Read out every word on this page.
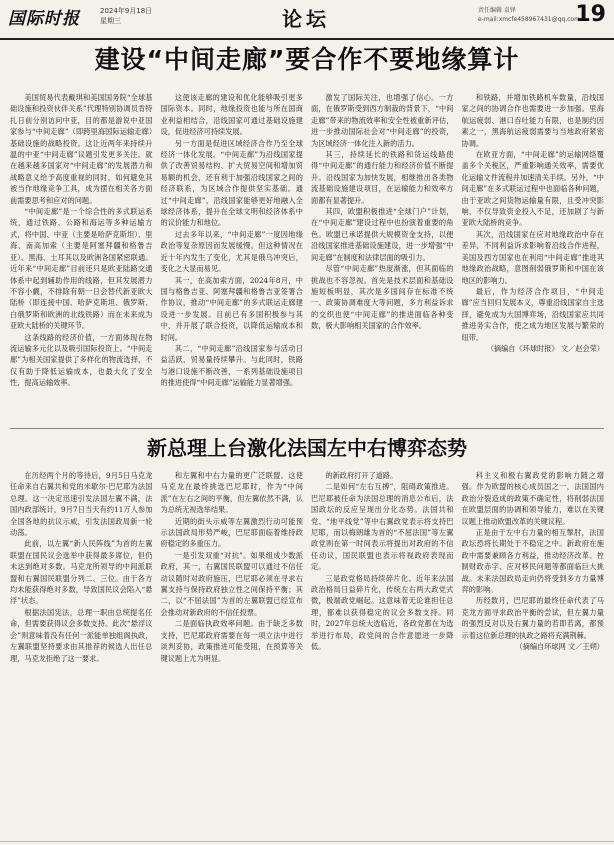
国际时报	2024年9月18日
星期三	论坛	责任编辑 袁铎
e-mail:xmcfe458967431@qq.com
19
建设“中间走廊”要合作不要地缘算计

美国贸易代表戴琪和美国国务院“全球基础设施和投资伙伴关系”代理特别协调员肯特扎日前分别访问中亚，目的都是游说中亚国家参与“中间走廊”（即跨里海国际运输走廊）基础设施的战略投资。这让近两年来持续升温的中亚“中间走廊”议题引发更多关注。就在越来越多国家对“中间走廊”的发展潜力和战略意义给予高度重视的同时，如何避免其被当作地缘竞争工具，成为摆在相关各方面前需要思考和应对的问题。

“中间走廊”是一个综合性的多式联运系统，通过铁路、公路和海运等多种运输方式，将中国、中亚（主要是哈萨克斯坦）、里海、南高加索（主要是阿塞拜疆和格鲁吉亚）、黑海、土耳其以及欧洲各国紧密联通。近年来“中间走廊”目前还只是欧亚陆路交通体系中起到辅助作用的线路，但其发展潜力不容小觑，不排除有朝一日会替代新亚欧大陆桥（即连接中国、哈萨克斯坦、俄罗斯、白俄罗斯和欧洲的北线铁路）而在未来成为亚欧大陆桥的关键环节。

这条线路的经济价值，一方面体现在物流运输多元化以及吸引国际投资上。“中间走廊”为相关国家提供了多样化的物流选择，不仅有助于降低运输成本，也最大化了安全性，提高运输效率。

这使该走廊的建设和优化能够吸引更多国际资本。同时，地缘投资也能与所在国商业利益相结合，沿线国家可通过基础设施建设，促进经济可持续发展。

另一方面是促进区域经济合作乃至全球经济一体化发展。“中间走廊”为沿线国家提供了改善贸易结构、扩大贸易空间和增加贸易额的机会，还有利于加强沿线国家之间的经济联系，为区域合作提供坚实基础。通过“中间走廊”，沿线国家能够更好地融入全球经济体系，提升在全球文明和经济体系中的议价能力和地位。

过去多年以来，“中间走廊”一度因地缘政治等复杂原因而发展缓慢。但这种情况在近十年内发生了变化，尤其是俄乌冲突后，变化之大显而易见。

其一，在高加索方面，2024年8月，中国与格鲁吉亚、阿塞拜疆和格鲁吉亚签署合作协议，推动“中间走廊”的多式联运走廊建设进一步发展。目前已有多国积极参与其中，并开展了联合投资，以降低运输成本和时间。

其二，“中间走廊”沿线国家参与活动日益活跃，贸易量持续攀升。与此同时，铁路与港口设施不断改善，一系列基础设施项目的推进使得“中间走廊”运输能力显著增强。

激发了国际关注，也增强了信心。一方面，在俄罗斯受到西方制裁的背景下，“中间走廊”带来的物流效率和安全性被重新评估，进一步推动国际社会对“中间走廊”的投资，为区域经济一体化注入新的活力。

其三，持续延长的铁路和货运线路使得“中间走廊”的通行能力和经济价值不断提升。沿线国家为加快发展，相继推出各类物流基础设施建设项目，在运输能力和效率方面都有显著提升。

其四，欧盟积极推进“全球门户”计划，在“中间走廊”建设过程中也扮演着重要的角色。欧盟已承诺提供大规模资金支持，以便沿线国家推进基础设施建设，进一步增强“中间走廊”在制度和法律层面的吸引力。

尽管“中间走廊”热度渐涨，但其面临的挑战也不容忽视。首先是技术层面和基础设施短板明显，其次是多国间存在标准不统一、政策协调难度大等问题，多方利益诉求的交织也使“中间走廊”的推进面临各种变数，极大影响相关国家的合作效率。

和铁路，并增加铁路机车数量，沿线国家之间的协调合作也需要进一步加强。里海航运疲弱、港口吞吐能力有限，也是制约因素之一，黑海航运疲弱需要与当地政府紧密协调。

在欧亚方面，“中间走廊”的运输网络覆盖多个关税区，严重影响通关效率，需要优化运输文件流程并加速清关手续。另外，“中间走廊”在多式联运过程中也面临各种问题，由于亚欧之间货物运输量有限，且受冲突影响，不仅导致资金投入不足，还加剧了与新亚欧大陆桥的竞争。

其次，沿线国家在应对地缘政治中存在差异，不同利益诉求影响着沿线合作进程，美国及西方国家也在利用“中间走廊”推进其地缘政治战略，意图削弱俄罗斯和中国在该地区的影响力。

最后，作为经济合作项目，“中间走廊”应当回归发展本义，尊重沿线国家自主选择，避免成为大国博弈场，沿线国家应共同推进务实合作，使之成为地区发展与繁荣的纽带。

（摘编自《环球时报》 文／赵会荣）

新总理上台激化法国左中右博弈态势

在历经两个月的等待后，9月5日马克龙任命来自右翼共和党的米歇尔·巴尼耶为法国总理。这一决定迅速引发法国左翼不满，法国内政部统计，9月7日当天有约11万人参加全国各地的抗议示威，引发法国政局新一轮动荡。

此前，以左翼“新人民阵线”为首的左翼联盟在国民议会选举中获得最多席位，但仍未达到绝对多数。马克龙所领导的中间派联盟和右翼国民联盟分列二、三位。由于各方均未能获得绝对多数，导致国民议会陷入“悬浮”状态。

根据法国宪法，总理一职由总统提名任命，但需要获得议会多数支持。此次“悬浮议会”则意味着没有任何一派能单独组阁执政，左翼联盟坚持要求由其推荐的候选人出任总理，马克龙拒绝了这一要求。

和左翼和中右力量的更广泛联盟。这使马克龙在最终挑选巴尼耶时，作为“中间派”在左右之间的平衡，但左翼依然不满，认为总统无视选举结果。

近期的街头示威等左翼激烈行动可能预示法国政局形势严峻，巴尼耶面临着维持政府稳定的多重压力。

一是引发双重“对抗”。如果组成少数派政府，其一，右翼国民联盟可以通过不信任动议随时对政府施压，巴尼耶必须在寻求右翼支持与保持政府独立性之间保持平衡；其二，以“不屈法国”为首的左翼联盟已经宣布会推动对新政府的不信任投票。

二是面临执政效率问题。由于缺乏多数支持，巴尼耶政府需要在每一项立法中进行谈判妥协，政策推进可能受阻，在预算等关键议题上尤为明显。

的新政府打开了道路。

二是如何“左右互搏”，阻碍政策推进。巴尼耶被任命为法国总理的消息公布后，法国政坛的反应呈现出分化态势。法国共和党、“地平线党”等中右翼政党表示将支持巴尼耶，而以梅朗雄为首的“不屈法国”等左翼政党则在第一时间表示将提出对政府的不信任动议，国民联盟也表示将视政府表现而定。

三是政党格局持续碎片化。近年来法国政治格局日益碎片化，传统左右两大政党式微，极端政党崛起。这意味着无论谁担任总理，都难以获得稳定的议会多数支持。同时，2027年总统大选临近，各政党都在为选举进行布局，政党间的合作意愿进一步降低。

科主义和极右翼政党的影响力随之增强。作为欧盟的核心成员国之一，法国国内政治分裂造成的政策不确定性，将削弱法国在欧盟层面的协调和领导能力，难以在关键议题上推动欧盟改革的关键议程。

正是由于左中右力量的相互掣肘，法国政坛恐将长期处于不稳定之中。新政府在施政中需要兼顾各方利益，推动经济改革、控制财政赤字、应对移民问题等都面临巨大挑战。未来法国政局走向仍将受到多方力量博弈的影响。

历经数月，巴尼耶的最终任命代表了马克龙方面寻求政治平衡的尝试，但左翼力量的强烈反对以及右翼力量的若即若离，都预示着这位新总理的执政之路将充满荆棘。

（摘编自环球网 文／王朔）
